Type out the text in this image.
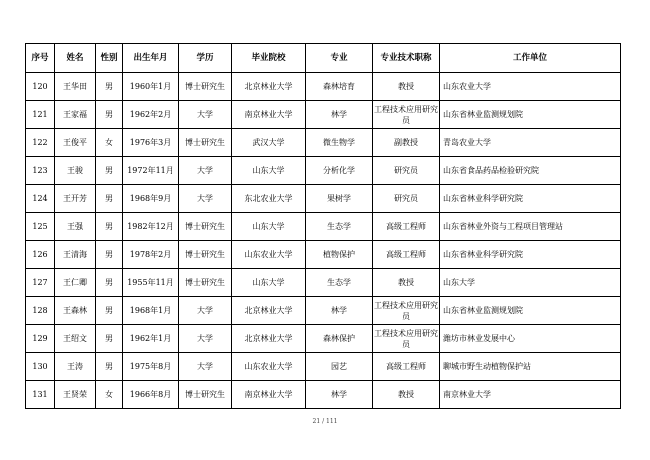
序号	姓名	性别	出生年月	学历	毕业院校	专业	专业技术职称	工作单位
120	王华田	男	1960年1月	博士研究生	北京林业大学	森林培育	教授	山东农业大学
121	王家福	男	1962年2月	大学	南京林业大学	林学	工程技术应用研究员	山东省林业监测规划院
122	王俊平	女	1976年3月	博士研究生	武汉大学	微生物学	副教授	青岛农业大学
123	王骏	男	1972年11月	大学	山东大学	分析化学	研究员	山东省食品药品检验研究院
124	王开芳	男	1968年9月	大学	东北农业大学	果树学	研究员	山东省林业科学研究院
125	王强	男	1982年12月	博士研究生	山东大学	生态学	高级工程师	山东省林业外资与工程项目管理站
126	王清海	男	1978年2月	博士研究生	山东农业大学	植物保护	高级工程师	山东省林业科学研究院
127	王仁卿	男	1955年11月	博士研究生	山东大学	生态学	教授	山东大学
128	王森林	男	1968年1月	大学	北京林业大学	林学	工程技术应用研究员	山东省林业监测规划院
129	王绍文	男	1962年1月	大学	北京林业大学	森林保护	工程技术应用研究员	潍坊市林业发展中心
130	王涛	男	1975年8月	大学	山东农业大学	园艺	高级工程师	聊城市野生动植物保护站
131	王贤荣	女	1966年8月	博士研究生	南京林业大学	林学	教授	南京林业大学
21 / 111
